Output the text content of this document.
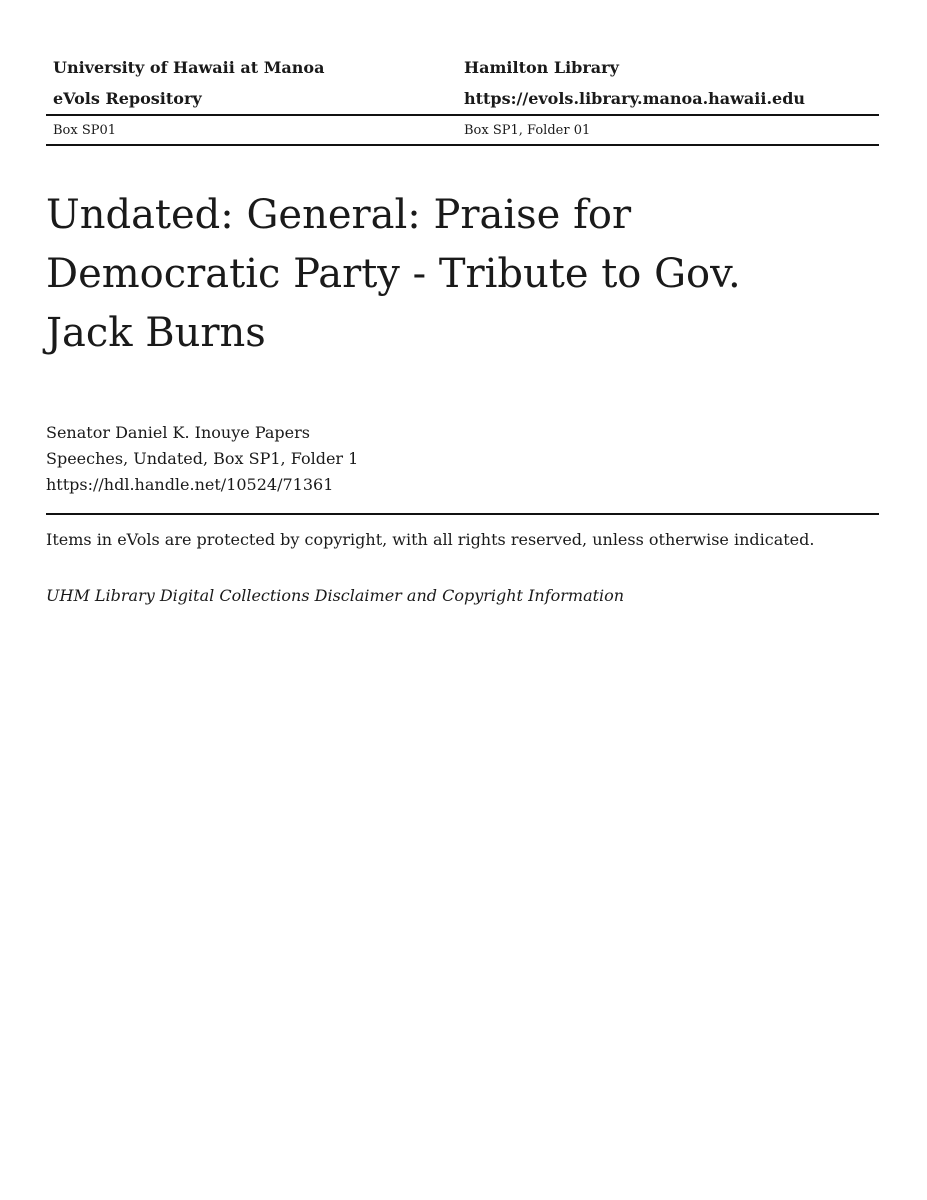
University of Hawaii at Manoa	Hamilton Library
eVols Repository	https://evols.library.manoa.hawaii.edu
Box SP01	Box SP1, Folder 01
Undated: General: Praise for
Democratic Party - Tribute to Gov.
Jack Burns
Senator Daniel K. Inouye Papers
Speeches, Undated, Box SP1, Folder 1
https://hdl.handle.net/10524/71361
Items in eVols are protected by copyright, with all rights reserved, unless otherwise indicated.
UHM Library Digital Collections Disclaimer and Copyright Information
